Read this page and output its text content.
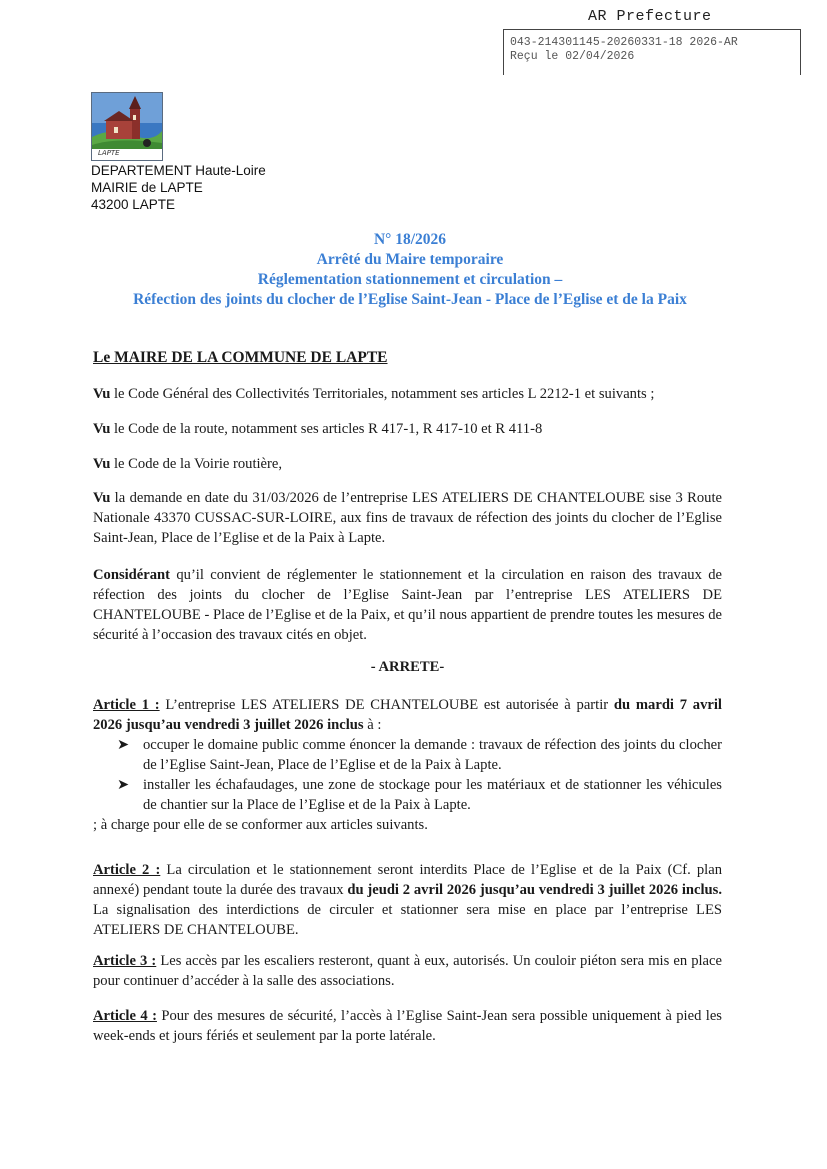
AR Prefecture
043-214301145-20260331-18 2026-AR
Reçu le 02/04/2026
LAPTE
DEPARTEMENT Haute-Loire
MAIRIE de LAPTE
43200 LAPTE
N° 18/2026
Arrêté du Maire temporaire
Réglementation stationnement et circulation –
Réfection des joints du clocher de l’Eglise Saint-Jean - Place de l’Eglise et de la Paix
Le MAIRE DE LA COMMUNE DE LAPTE
Vu le Code Général des Collectivités Territoriales, notamment ses articles L 2212-1 et suivants ;
Vu le Code de la route, notamment ses articles R 417-1, R 417-10 et R 411-8
Vu le Code de la Voirie routière,
Vu la demande en date du 31/03/2026 de l’entreprise LES ATELIERS DE CHANTELOUBE sise 3 Route Nationale 43370 CUSSAC-SUR-LOIRE, aux fins de travaux de réfection des joints du clocher de l’Eglise Saint-Jean, Place de l’Eglise et de la Paix à Lapte.
Considérant qu’il convient de réglementer le stationnement et la circulation en raison des travaux de réfection des joints du clocher de l’Eglise Saint-Jean par l’entreprise LES ATELIERS DE CHANTELOUBE - Place de l’Eglise et de la Paix, et qu’il nous appartient de prendre toutes les mesures de sécurité à l’occasion des travaux cités en objet.
- ARRETE-
Article 1 : L’entreprise LES ATELIERS DE CHANTELOUBE est autorisée à partir du mardi 7 avril 2026 jusqu’au vendredi 3 juillet 2026 inclus à :
➤ occuper le domaine public comme énoncer la demande : travaux de réfection des joints du clocher de l’Eglise Saint-Jean, Place de l’Eglise et de la Paix à Lapte.
➤ installer les échafaudages, une zone de stockage pour les matériaux et de stationner les véhicules de chantier sur la Place de l’Eglise et de la Paix à Lapte.
; à charge pour elle de se conformer aux articles suivants.
Article 2 : La circulation et le stationnement seront interdits Place de l’Eglise et de la Paix (Cf. plan annexé) pendant toute la durée des travaux du jeudi 2 avril 2026 jusqu’au vendredi 3 juillet 2026 inclus. La signalisation des interdictions de circuler et stationner sera mise en place par l’entreprise LES ATELIERS DE CHANTELOUBE.
Article 3 : Les accès par les escaliers resteront, quant à eux, autorisés. Un couloir piéton sera mis en place pour continuer d’accéder à la salle des associations.
Article 4 : Pour des mesures de sécurité, l’accès à l’Eglise Saint-Jean sera possible uniquement à pied les week-ends et jours fériés et seulement par la porte latérale.
